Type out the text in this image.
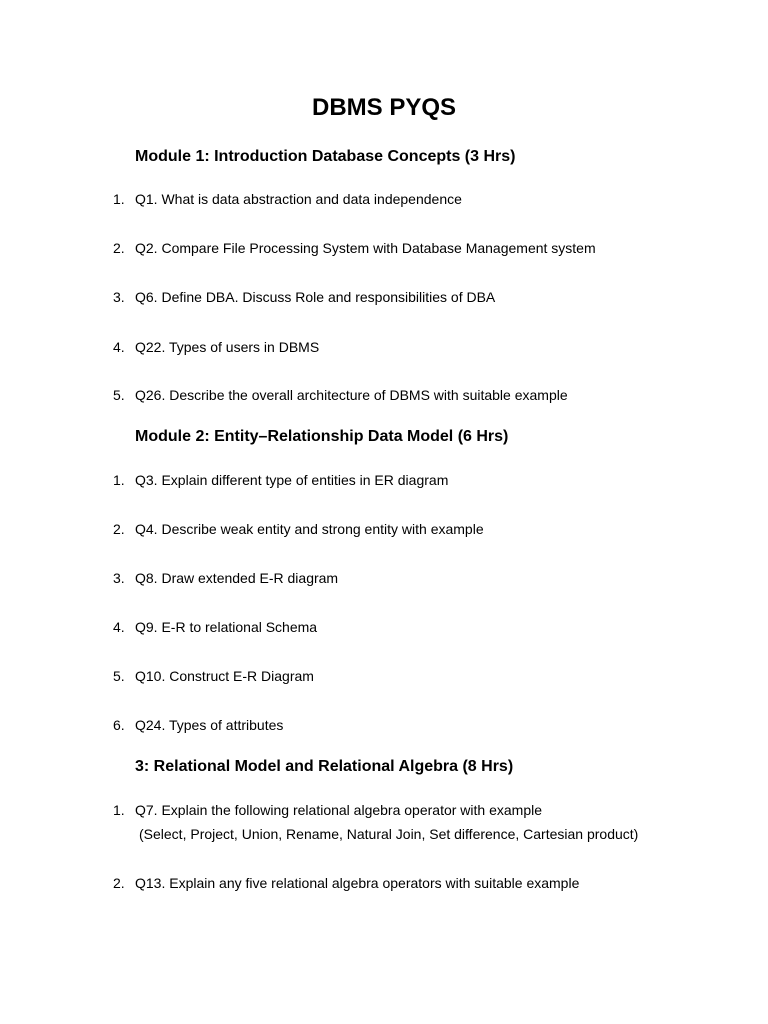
DBMS PYQS
Module 1: Introduction Database Concepts (3 Hrs)
1. Q1. What is data abstraction and data independence
2. Q2. Compare File Processing System with Database Management system
3. Q6. Define DBA. Discuss Role and responsibilities of DBA
4. Q22. Types of users in DBMS
5. Q26. Describe the overall architecture of DBMS with suitable example
Module 2: Entity–Relationship Data Model (6 Hrs)
1. Q3. Explain different type of entities in ER diagram
2. Q4. Describe weak entity and strong entity with example
3. Q8. Draw extended E-R diagram
4. Q9. E-R to relational Schema
5. Q10. Construct E-R Diagram
6. Q24. Types of attributes
3: Relational Model and Relational Algebra (8 Hrs)
1. Q7. Explain the following relational algebra operator with example
(Select, Project, Union, Rename, Natural Join, Set difference, Cartesian product)
2. Q13. Explain any five relational algebra operators with suitable example
